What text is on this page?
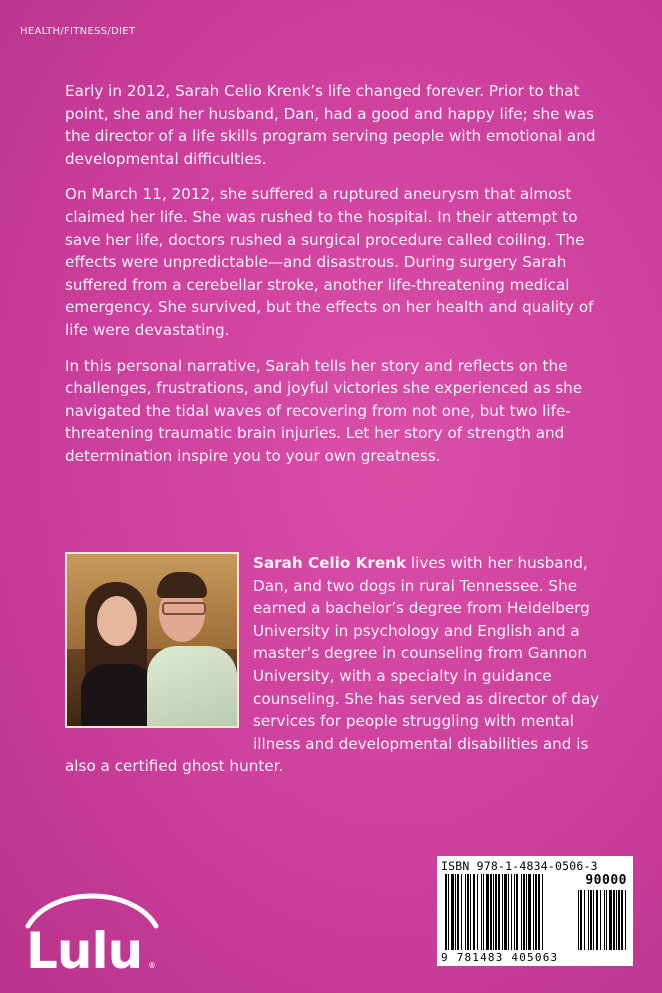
HEALTH/FITNESS/DIET

Early in 2012, Sarah Celio Krenk’s life changed forever. Prior to that point, she and her husband, Dan, had a good and happy life; she was the director of a life skills program serving people with emotional and developmental difficulties.

On March 11, 2012, she suffered a ruptured aneurysm that almost claimed her life. She was rushed to the hospital. In their attempt to save her life, doctors rushed a surgical procedure called coiling. The effects were unpredictable—and disastrous. During surgery Sarah suffered from a cerebellar stroke, another life-threatening medical emergency. She survived, but the effects on her health and quality of life were devastating.

In this personal narrative, Sarah tells her story and reflects on the challenges, frustrations, and joyful victories she experienced as she navigated the tidal waves of recovering from not one, but two life-threatening traumatic brain injuries. Let her story of strength and determination inspire you to your own greatness.

Sarah Celio Krenk lives with her husband, Dan, and two dogs in rural Tennessee. She earned a bachelor’s degree from Heidelberg University in psychology and English and a master’s degree in counseling from Gannon University, with a specialty in guidance counseling. She has served as director of day services for people struggling with mental illness and developmental disabilities and is also a certified ghost hunter.
Lulu ®
ISBN 978-1-4834-0506-3
90000
9 781483 405063
